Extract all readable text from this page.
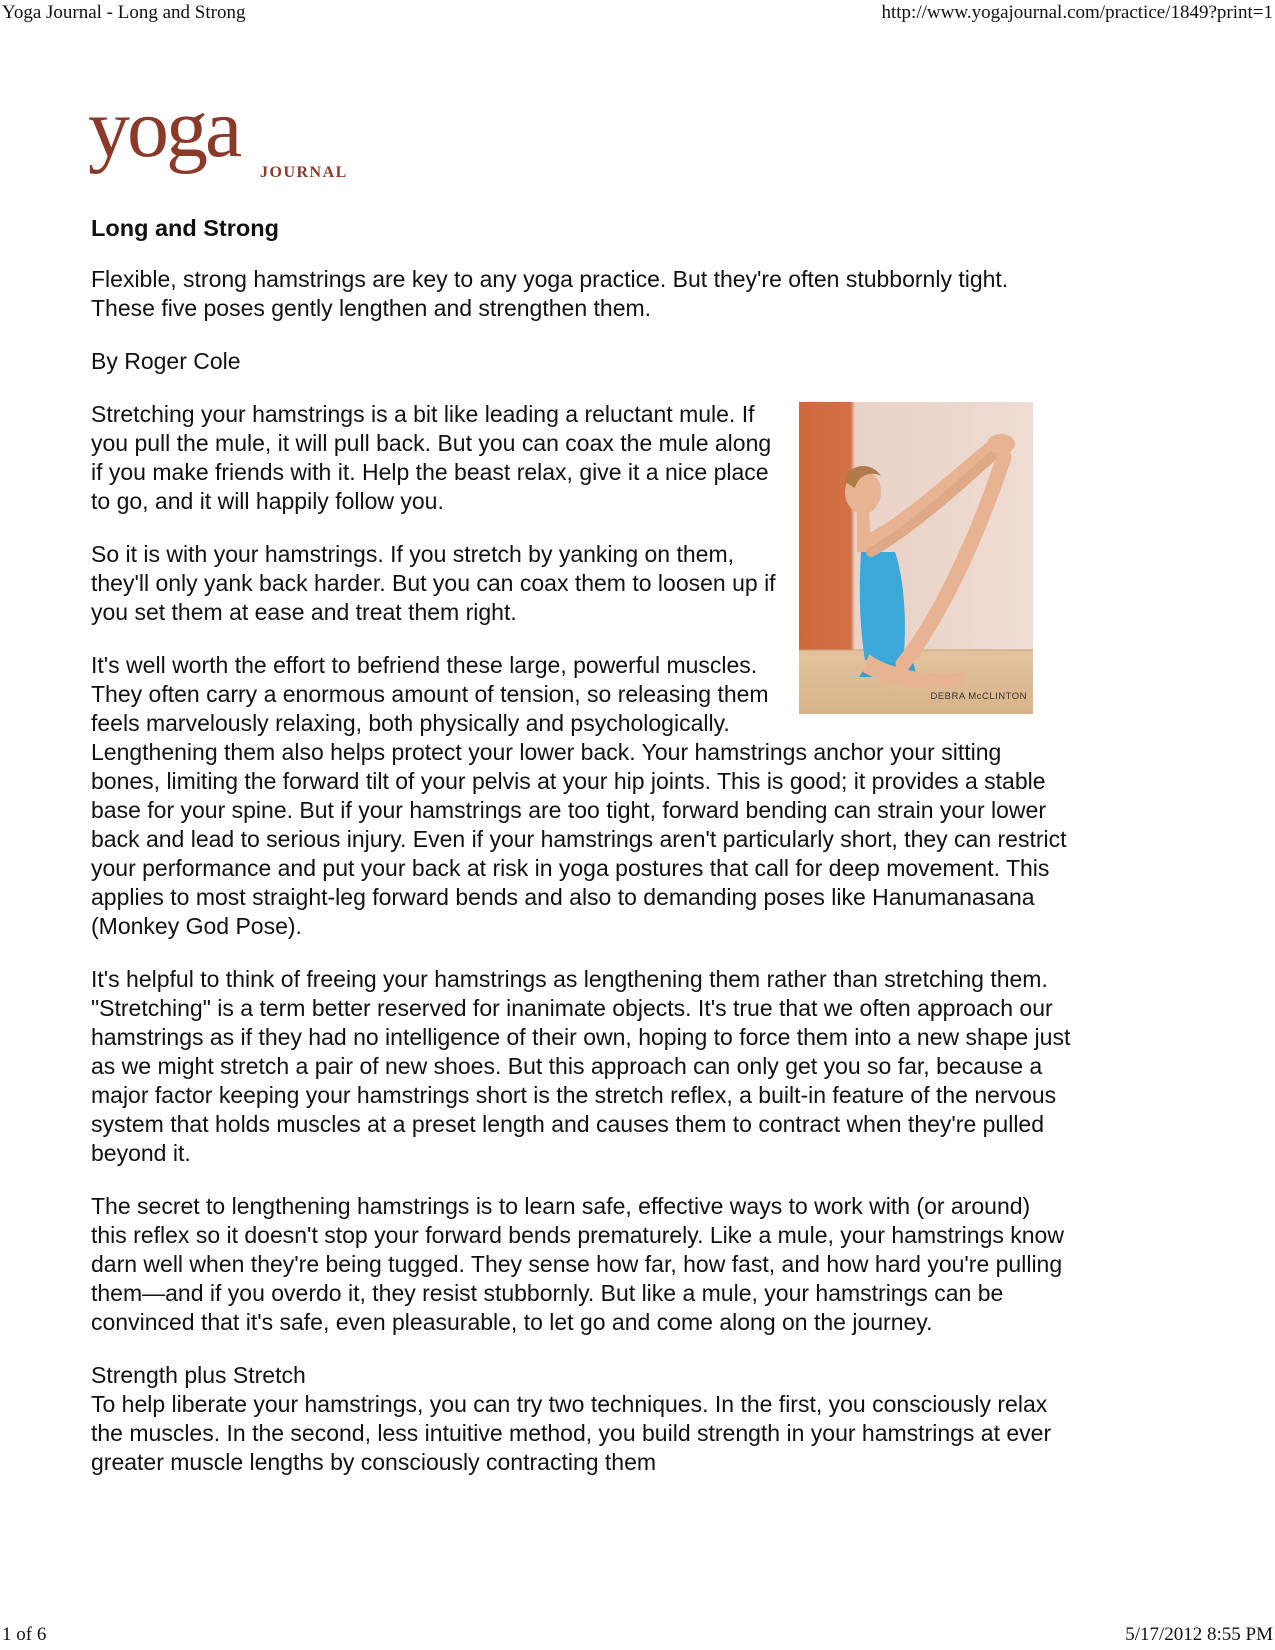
Yoga Journal - Long and Strong	http://www.yogajournal.com/practice/1849?print=1
yoga JOURNAL
Long and Strong

Flexible, strong hamstrings are key to any yoga practice. But they're often stubbornly tight. These five poses gently lengthen and strengthen them.

By Roger Cole

DEBRA McCLINTON

Stretching your hamstrings is a bit like leading a reluctant mule. If you pull the mule, it will pull back. But you can coax the mule along if you make friends with it. Help the beast relax, give it a nice place to go, and it will happily follow you.

So it is with your hamstrings. If you stretch by yanking on them, they'll only yank back harder. But you can coax them to loosen up if you set them at ease and treat them right.

It's well worth the effort to befriend these large, powerful muscles. They often carry a enormous amount of tension, so releasing them feels marvelously relaxing, both physically and psychologically. Lengthening them also helps protect your lower back. Your hamstrings anchor your sitting bones, limiting the forward tilt of your pelvis at your hip joints. This is good; it provides a stable base for your spine. But if your hamstrings are too tight, forward bending can strain your lower back and lead to serious injury. Even if your hamstrings aren't particularly short, they can restrict your performance and put your back at risk in yoga postures that call for deep movement. This applies to most straight-leg forward bends and also to demanding poses like Hanumanasana (Monkey God Pose).

It's helpful to think of freeing your hamstrings as lengthening them rather than stretching them. "Stretching" is a term better reserved for inanimate objects. It's true that we often approach our hamstrings as if they had no intelligence of their own, hoping to force them into a new shape just as we might stretch a pair of new shoes. But this approach can only get you so far, because a major factor keeping your hamstrings short is the stretch reflex, a built-in feature of the nervous system that holds muscles at a preset length and causes them to contract when they're pulled beyond it.

The secret to lengthening hamstrings is to learn safe, effective ways to work with (or around) this reflex so it doesn't stop your forward bends prematurely. Like a mule, your hamstrings know darn well when they're being tugged. They sense how far, how fast, and how hard you're pulling them—and if you overdo it, they resist stubbornly. But like a mule, your hamstrings can be convinced that it's safe, even pleasurable, to let go and come along on the journey.

Strength plus Stretch

To help liberate your hamstrings, you can try two techniques. In the first, you consciously relax the muscles. In the second, less intuitive method, you build strength in your hamstrings at ever greater muscle lengths by consciously contracting them

1 of 6	5/17/2012 8:55 PM
